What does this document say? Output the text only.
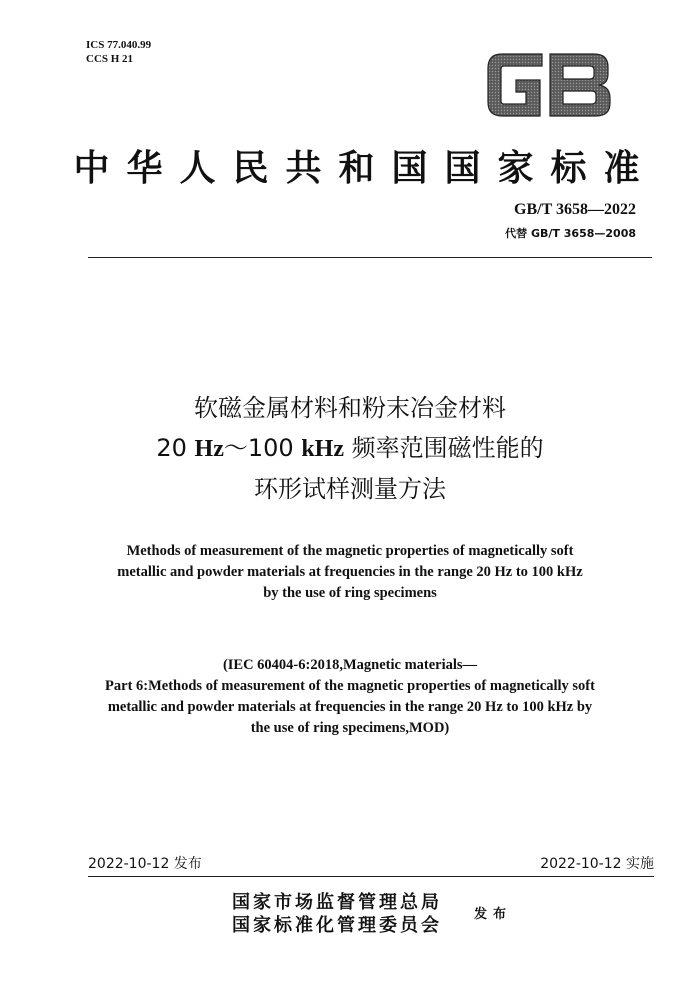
ICS 77.040.99
CCS H 21
GB
中华人民共和国国家标准
GB/T 3658—2022
代替 GB/T 3658—2008
软磁金属材料和粉末冶金材料
20 Hz～100 kHz 频率范围磁性能的
环形试样测量方法
Methods of measurement of the magnetic properties of magnetically soft
metallic and powder materials at frequencies in the range 20 Hz to 100 kHz
by the use of ring specimens
(IEC 60404-6:2018,Magnetic materials—
Part 6:Methods of measurement of the magnetic properties of magnetically soft
metallic and powder materials at frequencies in the range 20 Hz to 100 kHz by
the use of ring specimens,MOD)
2022-10-12 发布	2022-10-12 实施
国家市场监督管理总局
国家标准化管理委员会
发布
